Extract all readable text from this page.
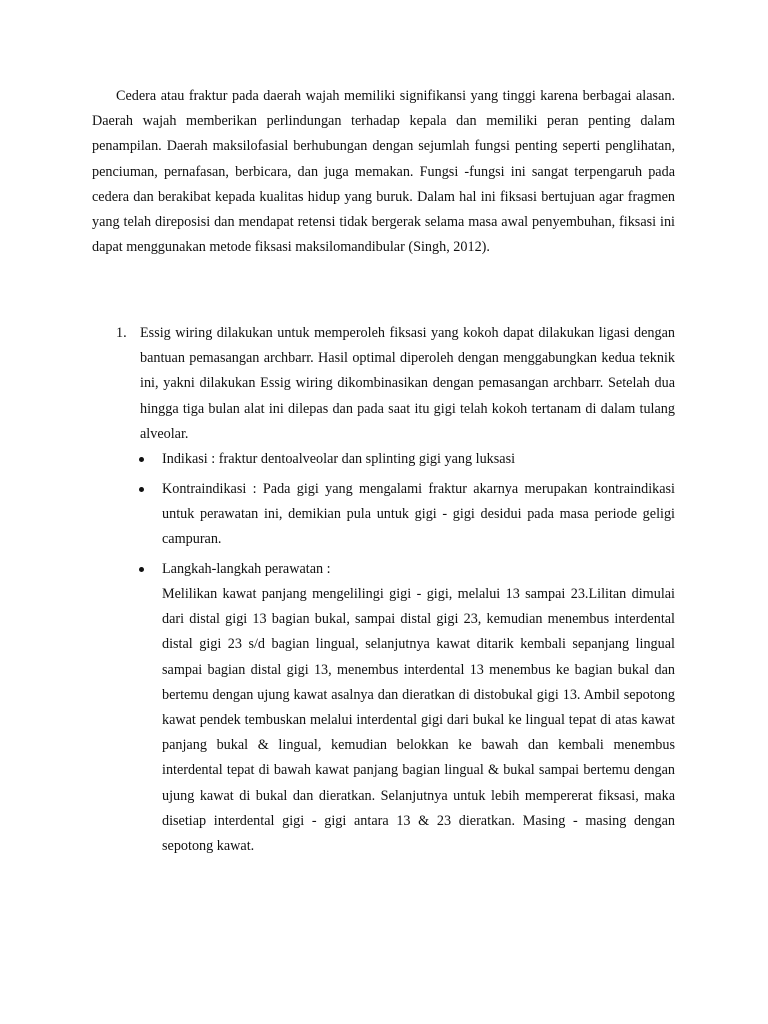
Cedera atau fraktur pada daerah wajah memiliki signifikansi yang tinggi karena berbagai alasan. Daerah wajah memberikan perlindungan terhadap kepala dan memiliki peran penting dalam penampilan. Daerah maksilofasial berhubungan dengan sejumlah fungsi penting seperti penglihatan, penciuman, pernafasan, berbicara, dan juga memakan. Fungsi -fungsi ini sangat terpengaruh pada cedera dan berakibat kepada kualitas hidup yang buruk. Dalam hal ini fiksasi bertujuan agar fragmen yang telah direposisi dan mendapat retensi tidak bergerak selama masa awal penyembuhan, fiksasi ini dapat menggunakan metode fiksasi maksilomandibular (Singh, 2012).

1. Essig wiring dilakukan untuk memperoleh fiksasi yang kokoh dapat dilakukan ligasi dengan bantuan pemasangan archbarr. Hasil optimal diperoleh dengan menggabungkan kedua teknik ini, yakni dilakukan Essig wiring dikombinasikan dengan pemasangan archbarr. Setelah dua hingga tiga bulan alat ini dilepas dan pada saat itu gigi telah kokoh tertanam di dalam tulang alveolar.
Indikasi : fraktur dentoalveolar dan splinting gigi yang luksasi
Kontraindikasi : Pada gigi yang mengalami fraktur akarnya merupakan kontraindikasi untuk perawatan ini, demikian pula untuk gigi - gigi desidui pada masa periode geligi campuran.
Langkah-langkah perawatan :
Melilikan kawat panjang mengelilingi gigi - gigi, melalui 13 sampai 23.Lilitan dimulai dari distal gigi 13 bagian bukal, sampai distal gigi 23, kemudian menembus interdental distal gigi 23 s/d bagian lingual, selanjutnya kawat ditarik kembali sepanjang lingual sampai bagian distal gigi 13, menembus interdental 13 menembus ke bagian bukal dan bertemu dengan ujung kawat asalnya dan dieratkan di distobukal gigi 13. Ambil sepotong kawat pendek tembuskan melalui interdental gigi dari bukal ke lingual tepat di atas kawat panjang bukal & lingual, kemudian belokkan ke bawah dan kembali menembus interdental tepat di bawah kawat panjang bagian lingual & bukal sampai bertemu dengan ujung kawat di bukal dan dieratkan. Selanjutnya untuk lebih mempererat fiksasi, maka disetiap interdental gigi - gigi antara 13 & 23 dieratkan. Masing - masing dengan sepotong kawat.
